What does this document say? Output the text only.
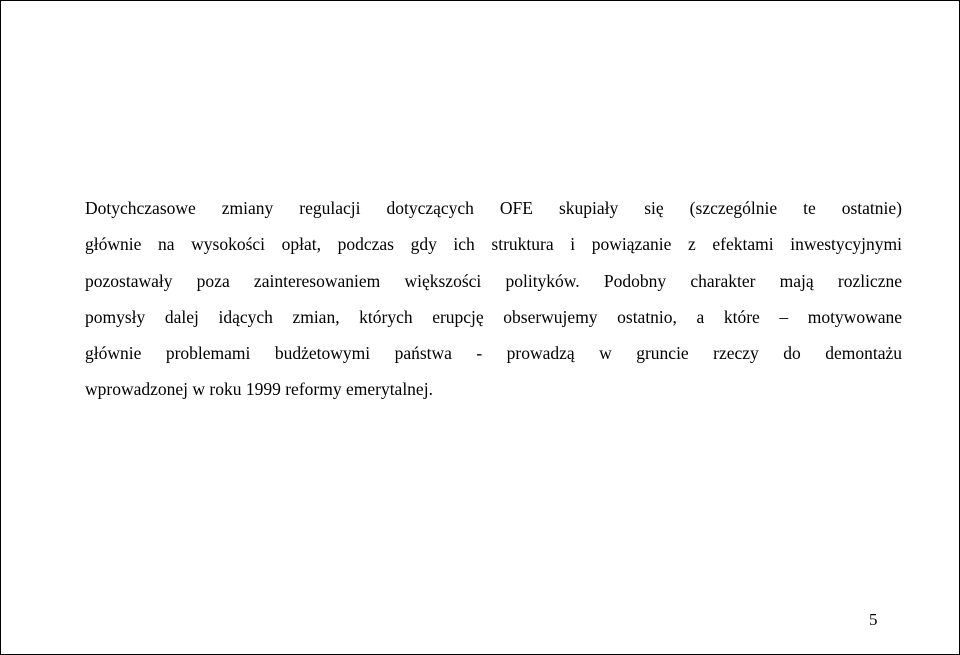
Dotychczasowe zmiany regulacji dotyczących OFE skupiały się (szczególnie te ostatnie)
głównie na wysokości opłat, podczas gdy ich struktura i powiązanie z efektami inwestycyjnymi
pozostawały poza zainteresowaniem większości polityków. Podobny charakter mają rozliczne
pomysły dalej idących zmian, których erupcję obserwujemy ostatnio, a które – motywowane
głównie problemami budżetowymi państwa - prowadzą w gruncie rzeczy do demontażu
wprowadzonej w roku 1999 reformy emerytalnej.

5
